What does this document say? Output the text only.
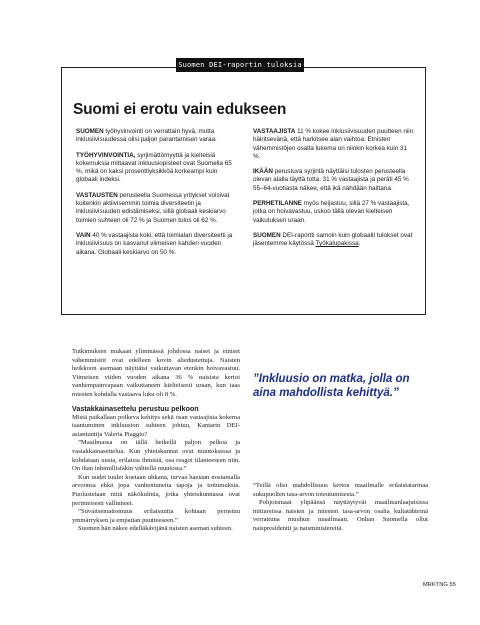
Suomen DEI-raportin tuloksia
Suomi ei erotu vain edukseen

SUOMEN työhyvinvointi on verrattain hyvä, mutta inklusiivisuudessa olisi paljon parantamisen varaa.

TYÖHYVINVOINTIA, syrjimättömyyttä ja kielteisiä kokemuksia mittaavat inkluusiopisteet ovat Suomella 65 %, mikä on kaksi prosenttiyksikköä korkeampi kuin globaali indeksi.

VASTAUSTEN perusteella Suomessa yritykset voisivat kuitenkin aktiivisemmin toimia diversiteetin ja inklusiivisuuden edistämiseksi, sillä globaali keskiarvo toimien suhteen oli 72 % ja Suomen tulos oli 62 %.

VAIN 40 % vastaajista koki, että toimialan diversiteetti ja inklusiivisuus on kasvanut viimeisen kahden vuoden aikana. Globaali keskiarvo on 50 %.

VASTAAJISTA 11 % kokee inklusiivisuuden puutteen niin häiritsevänä, että harkitsee alan vaihtoa. Etnisten vähemmistöjen osalta lukema on niinkin korkea kuin 31 %.

IKÄÄN perustuva syrjintä näyttäisi tulosten perusteella olevan alalla täyttä totta. 31 % vastaajista ja peräti 45 % 55–64-vuotiasta näkee, että ikä nähdään haittana.

PERHETILANNE myös heijastuu, sillä 27 % vastaajista, jotka on hoivavastuu, uskoo tällä olevan kielteisen vaikutuksen uraan.

SUOMEN DEI-raportti samoin kuin globaalit tulokset ovat jäsentemme käytössä Työkalupakissa.

Tutkimuksen mukaan ylimmässä johdossa naiset ja etniset vähemmistöt ovat edelleen kovin aliedustettuja. Naisten heikkoon asemaan näyttäisi vaikuttavan etenkin hoivavastuu. Viimeisen viiden vuoden aikana 36 % naisista kertoi vanhempainvapaan vaikuttaneen kielteisesti uraan, kun taas miesten kohdalla vastaava luku oli 8 %.

Vastakkainasettelu perustuu pelkoon

Mistä paikallaan polkeva kehitys sekä osan vastaajista kokema taantuminen inkluusion suhteen johtuu, Kantarin DEI-asiantuntija Valeria Piaggio?

”Maailmassa on tällä hetkellä paljon pelkoa ja vastakkainasettelua. Kun yhteiskunnat ovat muutoksessa ja kohdataan uusia, erilaisia ihmisiä, osa reagoi tilanteeseen niin. On ihan inhimillistäkin välttellä muutosta.”

Kun uudet tuulet koetaan uhkana, turvaa haetaan nostamalla arvoonsa ehkä jopa vanhentuneita tapoja ja tottumuksia. Puolustetaan niitä näkökulmia, jotka yhteiskunnassa ovat perinteisesti vallinneet.

”Suvaitsemattomuus erilaisuutta kohtaan perustuu ymmärryksen ja empatian puutteeseen.”

Suomen hän näkee edelläkävijänä naisten aseman suhteen.

”Inkluusio on matka, jolla on aina mahdollista kehittyä.”

”Teillä olisi mahdollisuus kertoa maailmalle erilaistatarinaa sukupuolten tasa-arvon toteutumisesta.”

Pohjoismaat ylipäänsä näyttäytyvät maailmanlaajuisissa mittareissa naisten ja miesten tasa-arvon osalta kultatähteinä verrattuna muuhun maailmaan. Onhan Suomella ollut naispresidentti ja naisministereitä.

MRKTNG 55
